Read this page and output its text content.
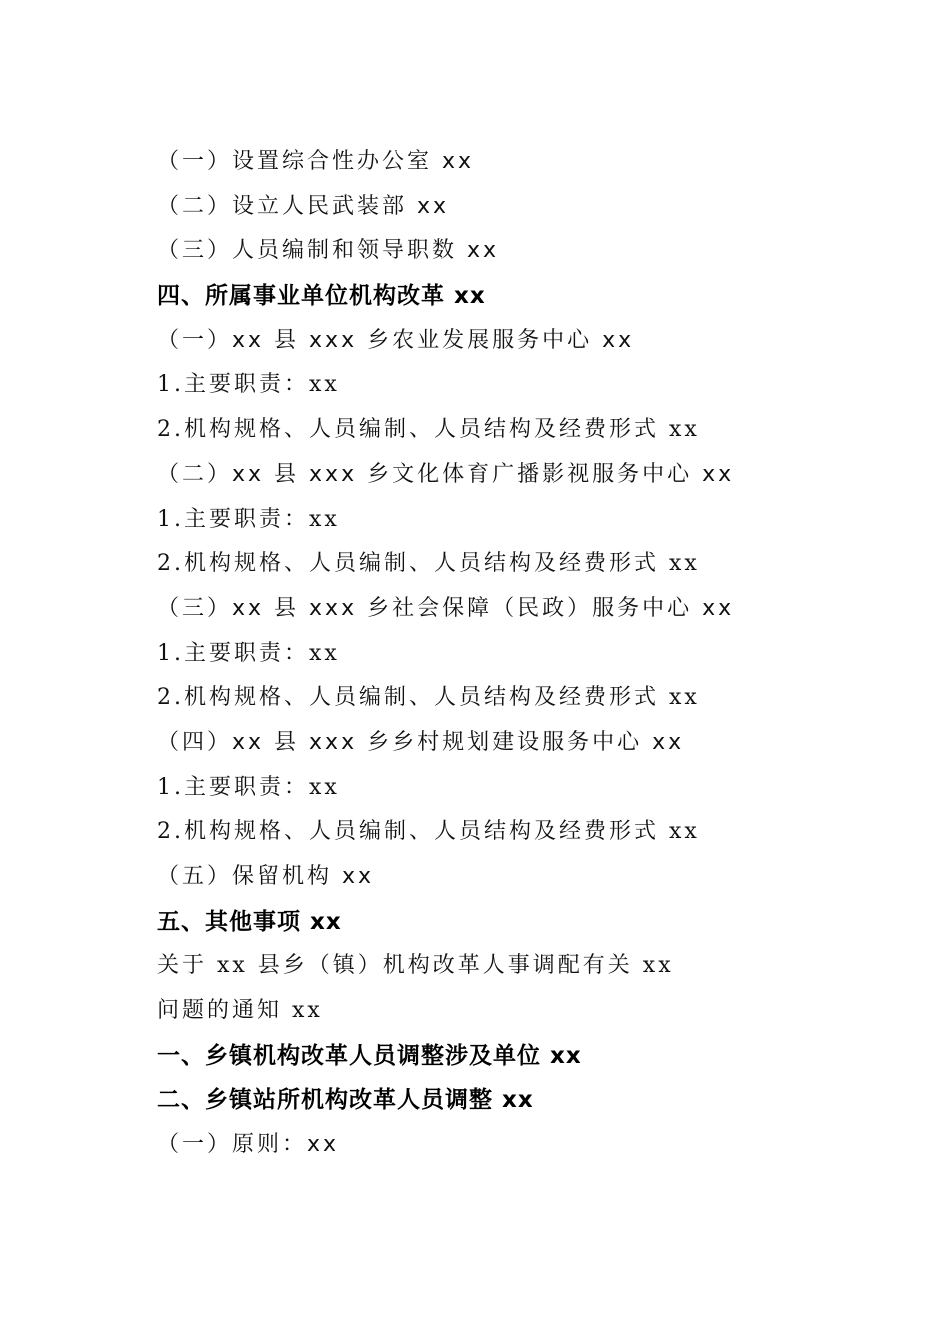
（一）设置综合性办公室 xx
（二）设立人民武装部 xx
（三）人员编制和领导职数 xx
四、所属事业单位机构改革 xx
（一）xx 县 xxx 乡农业发展服务中心 xx
1.主要职责：xx
2.机构规格、人员编制、人员结构及经费形式 xx
（二）xx 县 xxx 乡文化体育广播影视服务中心 xx
1.主要职责：xx
2.机构规格、人员编制、人员结构及经费形式 xx
（三）xx 县 xxx 乡社会保障（民政）服务中心 xx
1.主要职责：xx
2.机构规格、人员编制、人员结构及经费形式 xx
（四）xx 县 xxx 乡乡村规划建设服务中心 xx
1.主要职责：xx
2.机构规格、人员编制、人员结构及经费形式 xx
（五）保留机构 xx
五、其他事项 xx
关于 xx 县乡（镇）机构改革人事调配有关 xx
问题的通知 xx
一、乡镇机构改革人员调整涉及单位 xx
二、乡镇站所机构改革人员调整 xx
（一）原则：xx
